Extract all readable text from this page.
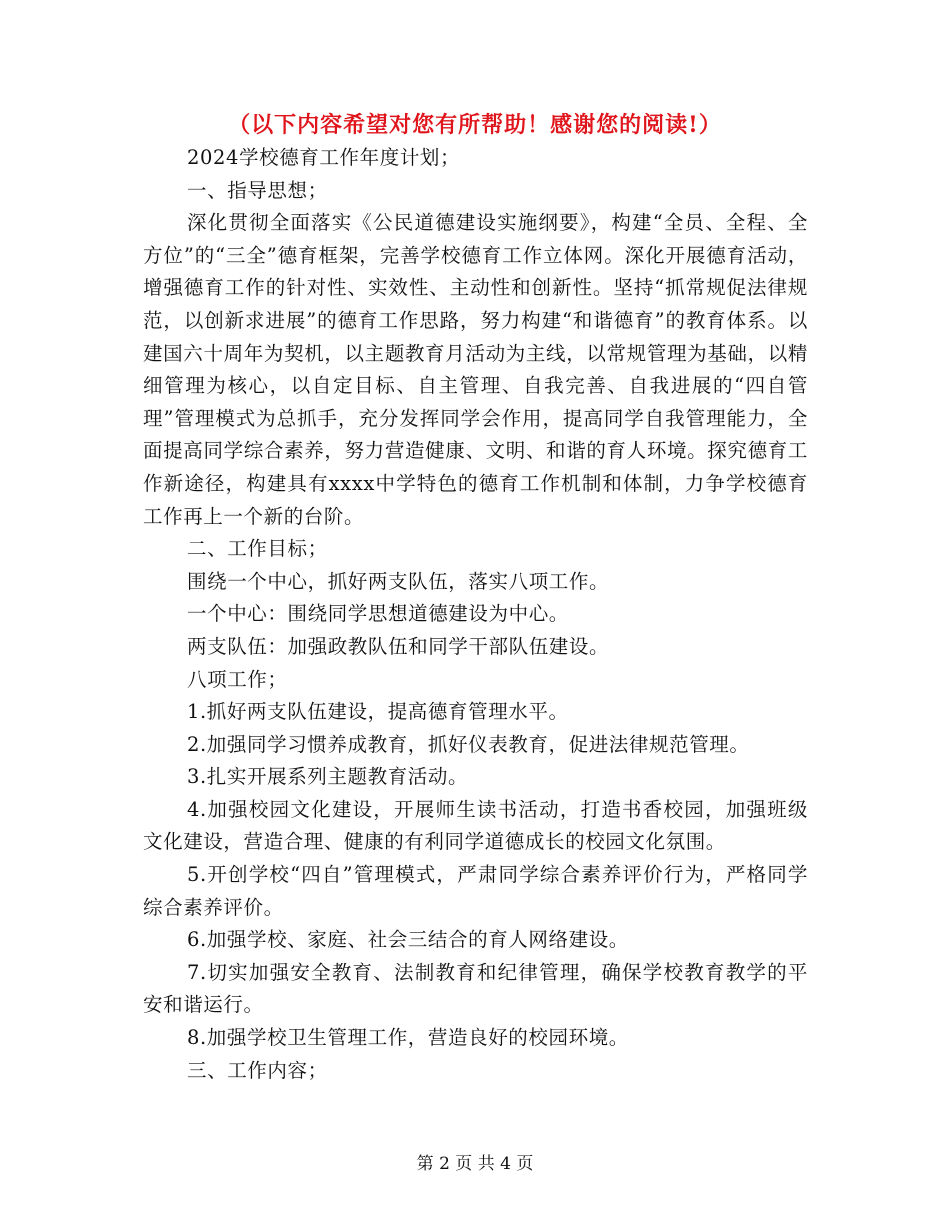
（以下内容希望对您有所帮助！感谢您的阅读!）

2024学校德育工作年度计划；

一、指导思想；

深化贯彻全面落实《公民道德建设实施纲要》，构建“全员、全程、全方位”的“三全”德育框架，完善学校德育工作立体网。深化开展德育活动，增强德育工作的针对性、实效性、主动性和创新性。坚持“抓常规促法律规范，以创新求进展”的德育工作思路，努力构建“和谐德育”的教育体系。以建国六十周年为契机，以主题教育月活动为主线，以常规管理为基础，以精细管理为核心，以自定目标、自主管理、自我完善、自我进展的“四自管理”管理模式为总抓手，充分发挥同学会作用，提高同学自我管理能力，全面提高同学综合素养，努力营造健康、文明、和谐的育人环境。探究德育工作新途径，构建具有xxxx中学特色的德育工作机制和体制，力争学校德育工作再上一个新的台阶。

二、工作目标；

围绕一个中心，抓好两支队伍，落实八项工作。

一个中心：围绕同学思想道德建设为中心。

两支队伍：加强政教队伍和同学干部队伍建设。

八项工作；

1.抓好两支队伍建设，提高德育管理水平。

2.加强同学习惯养成教育，抓好仪表教育，促进法律规范管理。

3.扎实开展系列主题教育活动。

4.加强校园文化建设，开展师生读书活动，打造书香校园，加强班级文化建设，营造合理、健康的有利同学道德成长的校园文化氛围。

5.开创学校“四自”管理模式，严肃同学综合素养评价行为，严格同学综合素养评价。

6.加强学校、家庭、社会三结合的育人网络建设。

7.切实加强安全教育、法制教育和纪律管理，确保学校教育教学的平安和谐运行。

8.加强学校卫生管理工作，营造良好的校园环境。

三、工作内容；

第 2 页 共 4 页
